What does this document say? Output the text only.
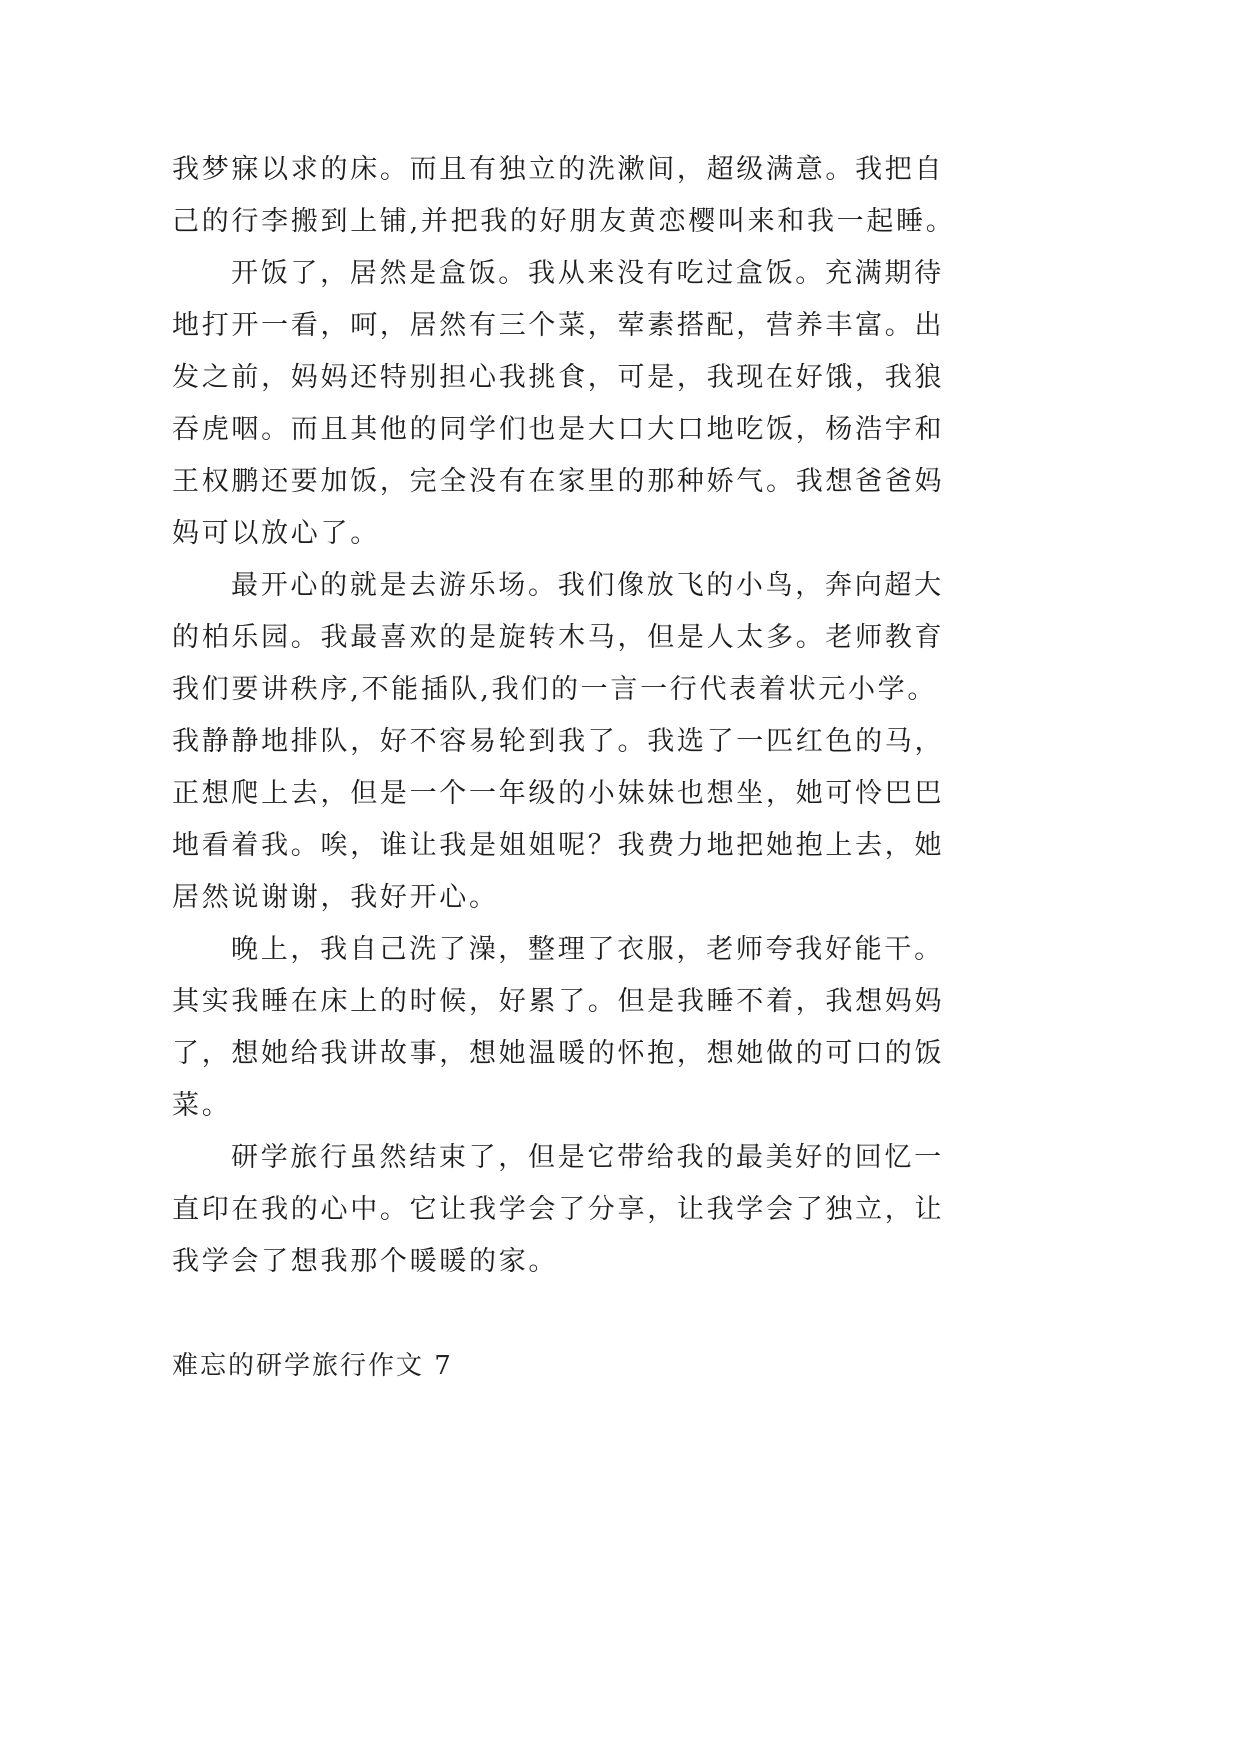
我梦寐以求的床。而且有独立的洗漱间，超级满意。我把自
己的行李搬到上铺,并把我的好朋友黄恋樱叫来和我一起睡。
开饭了，居然是盒饭。我从来没有吃过盒饭。充满期待
地打开一看，呵，居然有三个菜，荤素搭配，营养丰富。出
发之前，妈妈还特别担心我挑食，可是，我现在好饿，我狼
吞虎咽。而且其他的同学们也是大口大口地吃饭，杨浩宇和
王权鹏还要加饭，完全没有在家里的那种娇气。我想爸爸妈
妈可以放心了。
最开心的就是去游乐场。我们像放飞的小鸟，奔向超大
的柏乐园。我最喜欢的是旋转木马，但是人太多。老师教育
我们要讲秩序,不能插队,我们的一言一行代表着状元小学。
我静静地排队，好不容易轮到我了。我选了一匹红色的马，
正想爬上去，但是一个一年级的小妹妹也想坐，她可怜巴巴
地看着我。唉，谁让我是姐姐呢？我费力地把她抱上去，她
居然说谢谢，我好开心。
晚上，我自己洗了澡，整理了衣服，老师夸我好能干。
其实我睡在床上的时候，好累了。但是我睡不着，我想妈妈
了，想她给我讲故事，想她温暖的怀抱，想她做的可口的饭
菜。
研学旅行虽然结束了，但是它带给我的最美好的回忆一
直印在我的心中。它让我学会了分享，让我学会了独立，让
我学会了想我那个暖暖的家。
难忘的研学旅行作文 7
